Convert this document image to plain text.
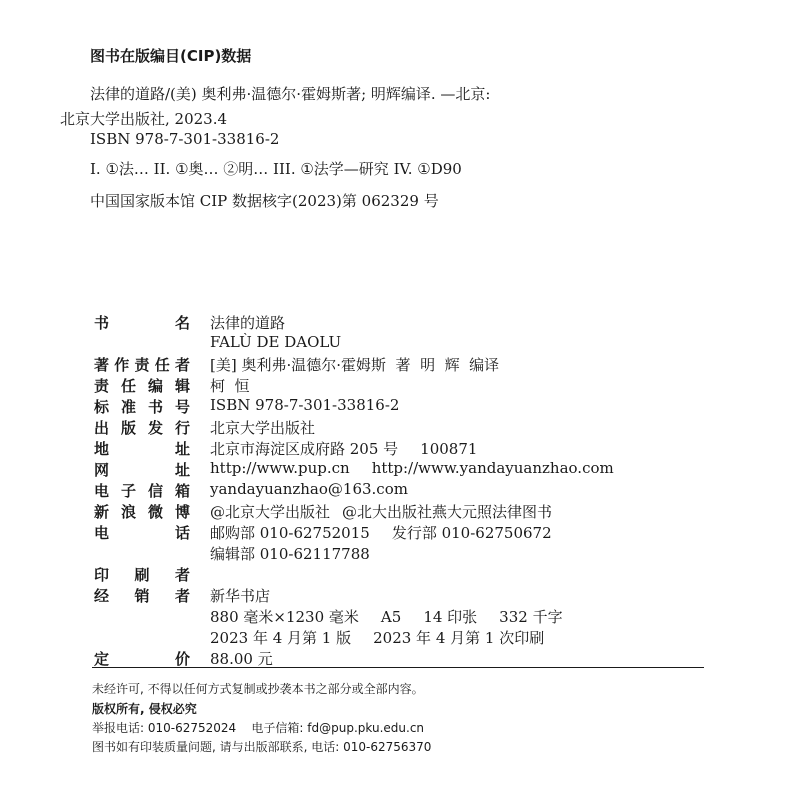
图书在版编目(CIP)数据

法律的道路/(美) 奥利弗·温德尔·霍姆斯著; 明辉编译. —北京:

北京大学出版社, 2023.4

ISBN 978-7-301-33816-2

I. ①法… II. ①奥… ②明… III. ①法学—研究 IV. ①D90

中国国家版本馆 CIP 数据核字(2023)第 062329 号

书	名 法律的道路
FALÙ DE DAOLU
著 作 责 任 者 [美] 奥利弗·温德尔·霍姆斯  著  明  辉  编译
责 任 编 辑 柯  恒
标 准 书 号 ISBN 978-7-301-33816-2
出 版 发 行 北京大学出版社
地	址 北京市海淀区成府路 205 号 100871
网	址 http://www.pup.cn http://www.yandayuanzhao.com
电 子 信 箱 yandayuanzhao@163.com
新 浪 微 博 @北京大学出版社 @北大出版社燕大元照法律图书
电	话 邮购部 010-62752015 发行部 010-62750672
编辑部 010-62117788
印 刷 者
经 销 者 新华书店
880 毫米×1230 毫米 A5 14 印张 332 千字
2023 年 4 月第 1 版 2023 年 4 月第 1 次印刷
定	价 88.00 元

未经许可, 不得以任何方式复制或抄袭本书之部分或全部内容。

版权所有, 侵权必究

举报电话: 010-62752024    电子信箱: fd@pup.pku.edu.cn

图书如有印装质量问题, 请与出版部联系, 电话: 010-62756370
